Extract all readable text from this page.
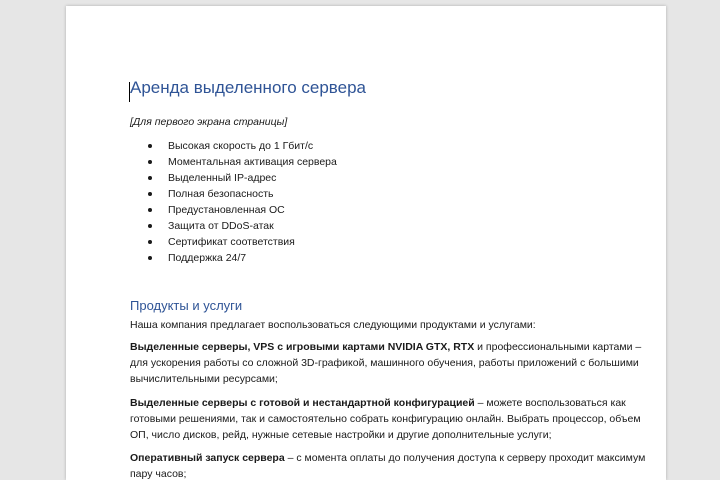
Аренда выделенного сервера

[Для первого экрана страницы]

Высокая скорость до 1 Гбит/с
Моментальная активация сервера
Выделенный IP-адрес
Полная безопасность
Предустановленная ОС
Защита от DDoS-атак
Сертификат соответствия
Поддержка 24/7
Продукты и услуги

Наша компания предлагает воспользоваться следующими продуктами и услугами:

Выделенные серверы, VPS с игровыми картами NVIDIA GTX, RTX и профессиональными картами – для ускорения работы со сложной 3D-графикой, машинного обучения, работы приложений с большими вычислительными ресурсами;

Выделенные серверы с готовой и нестандартной конфигурацией – можете воспользоваться как готовыми решениями, так и самостоятельно собрать конфигурацию онлайн. Выбрать процессор, объем ОП, число дисков, рейд, нужные сетевые настройки и другие дополнительные услуги;

Оперативный запуск сервера – с момента оплаты до получения доступа к серверу проходит максимум пару часов;
